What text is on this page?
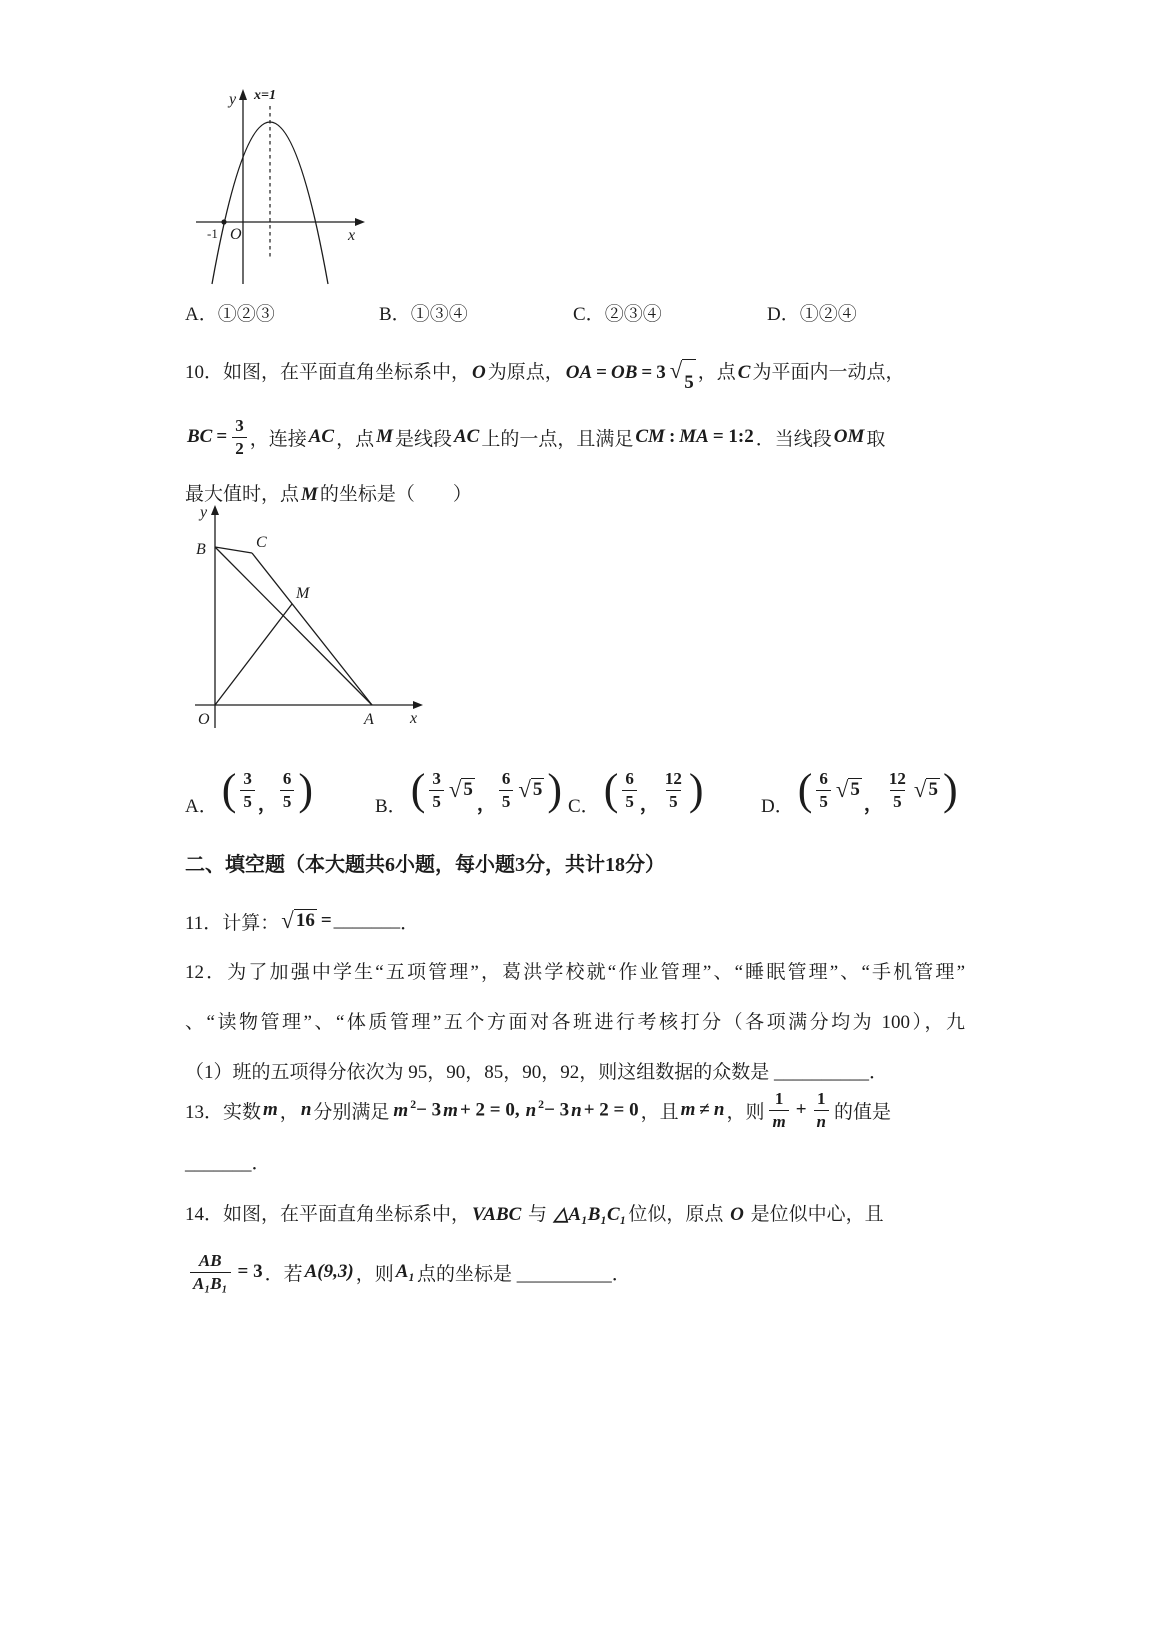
y
x
x=1
-1 O
A．①②③	B．①③④	C．②③④	D．①②④
10．如图，在平面直角坐标系中， O 为原点， OA = OB = 3 √ 5 ，点 C 为平面内一动点，
BC = $\frac{3}{2}$ ，连接 AC ，点 M 是线段 AC 上的一点，且满足 CM : MA = 1:2 ．当线段 OM 取
最大值时，点 M 的坐标是（　　）
y
x
O	A
B	C
M
A． ( $\frac{3}{5}$ ， $\frac{6}{5}$ )	B． ( $\frac{3}{5}$ √ 5
， $\frac{6}{5}$ √ 5 ) C． ( $\frac{6}{5}$ ， $\frac{12}{5}$ )	D． ( $\frac{6}{5}$ √ 5
， $\frac{12}{5}$ √ 5 )
二、填空题（本大题共6小题，每小题3分，共计18分）
11．计算： √ 16 = _______ ．
12．为了加强中学生“五项管理”，葛洪学校就“作业管理”、“睡眠管理”、“手机管理”
、“读物管理”、“体质管理”五个方面对各班进行考核打分（各项满分均为 100），九
（1）班的五项得分依次为 95，90，85，90，92，则这组数据的众数是 __________．
13．实数 m ， n 分别满足 m $^2$− 3 m + 2 = 0, n $^2$− 3 n + 2 = 0 ，且 m ≠ n ，则 $\frac{1}{m} + \frac{1}{n}$ 的值是
_______．
14．如图，在平面直角坐标系中， VABC 与 △A₁B₁C₁ 位似，原点 O 是位似中心，且
$\frac{AB}{\text{A₁B₁}} = 3$ ．若 A(9,3) ，则 A₁ 点的坐标是 __________．
